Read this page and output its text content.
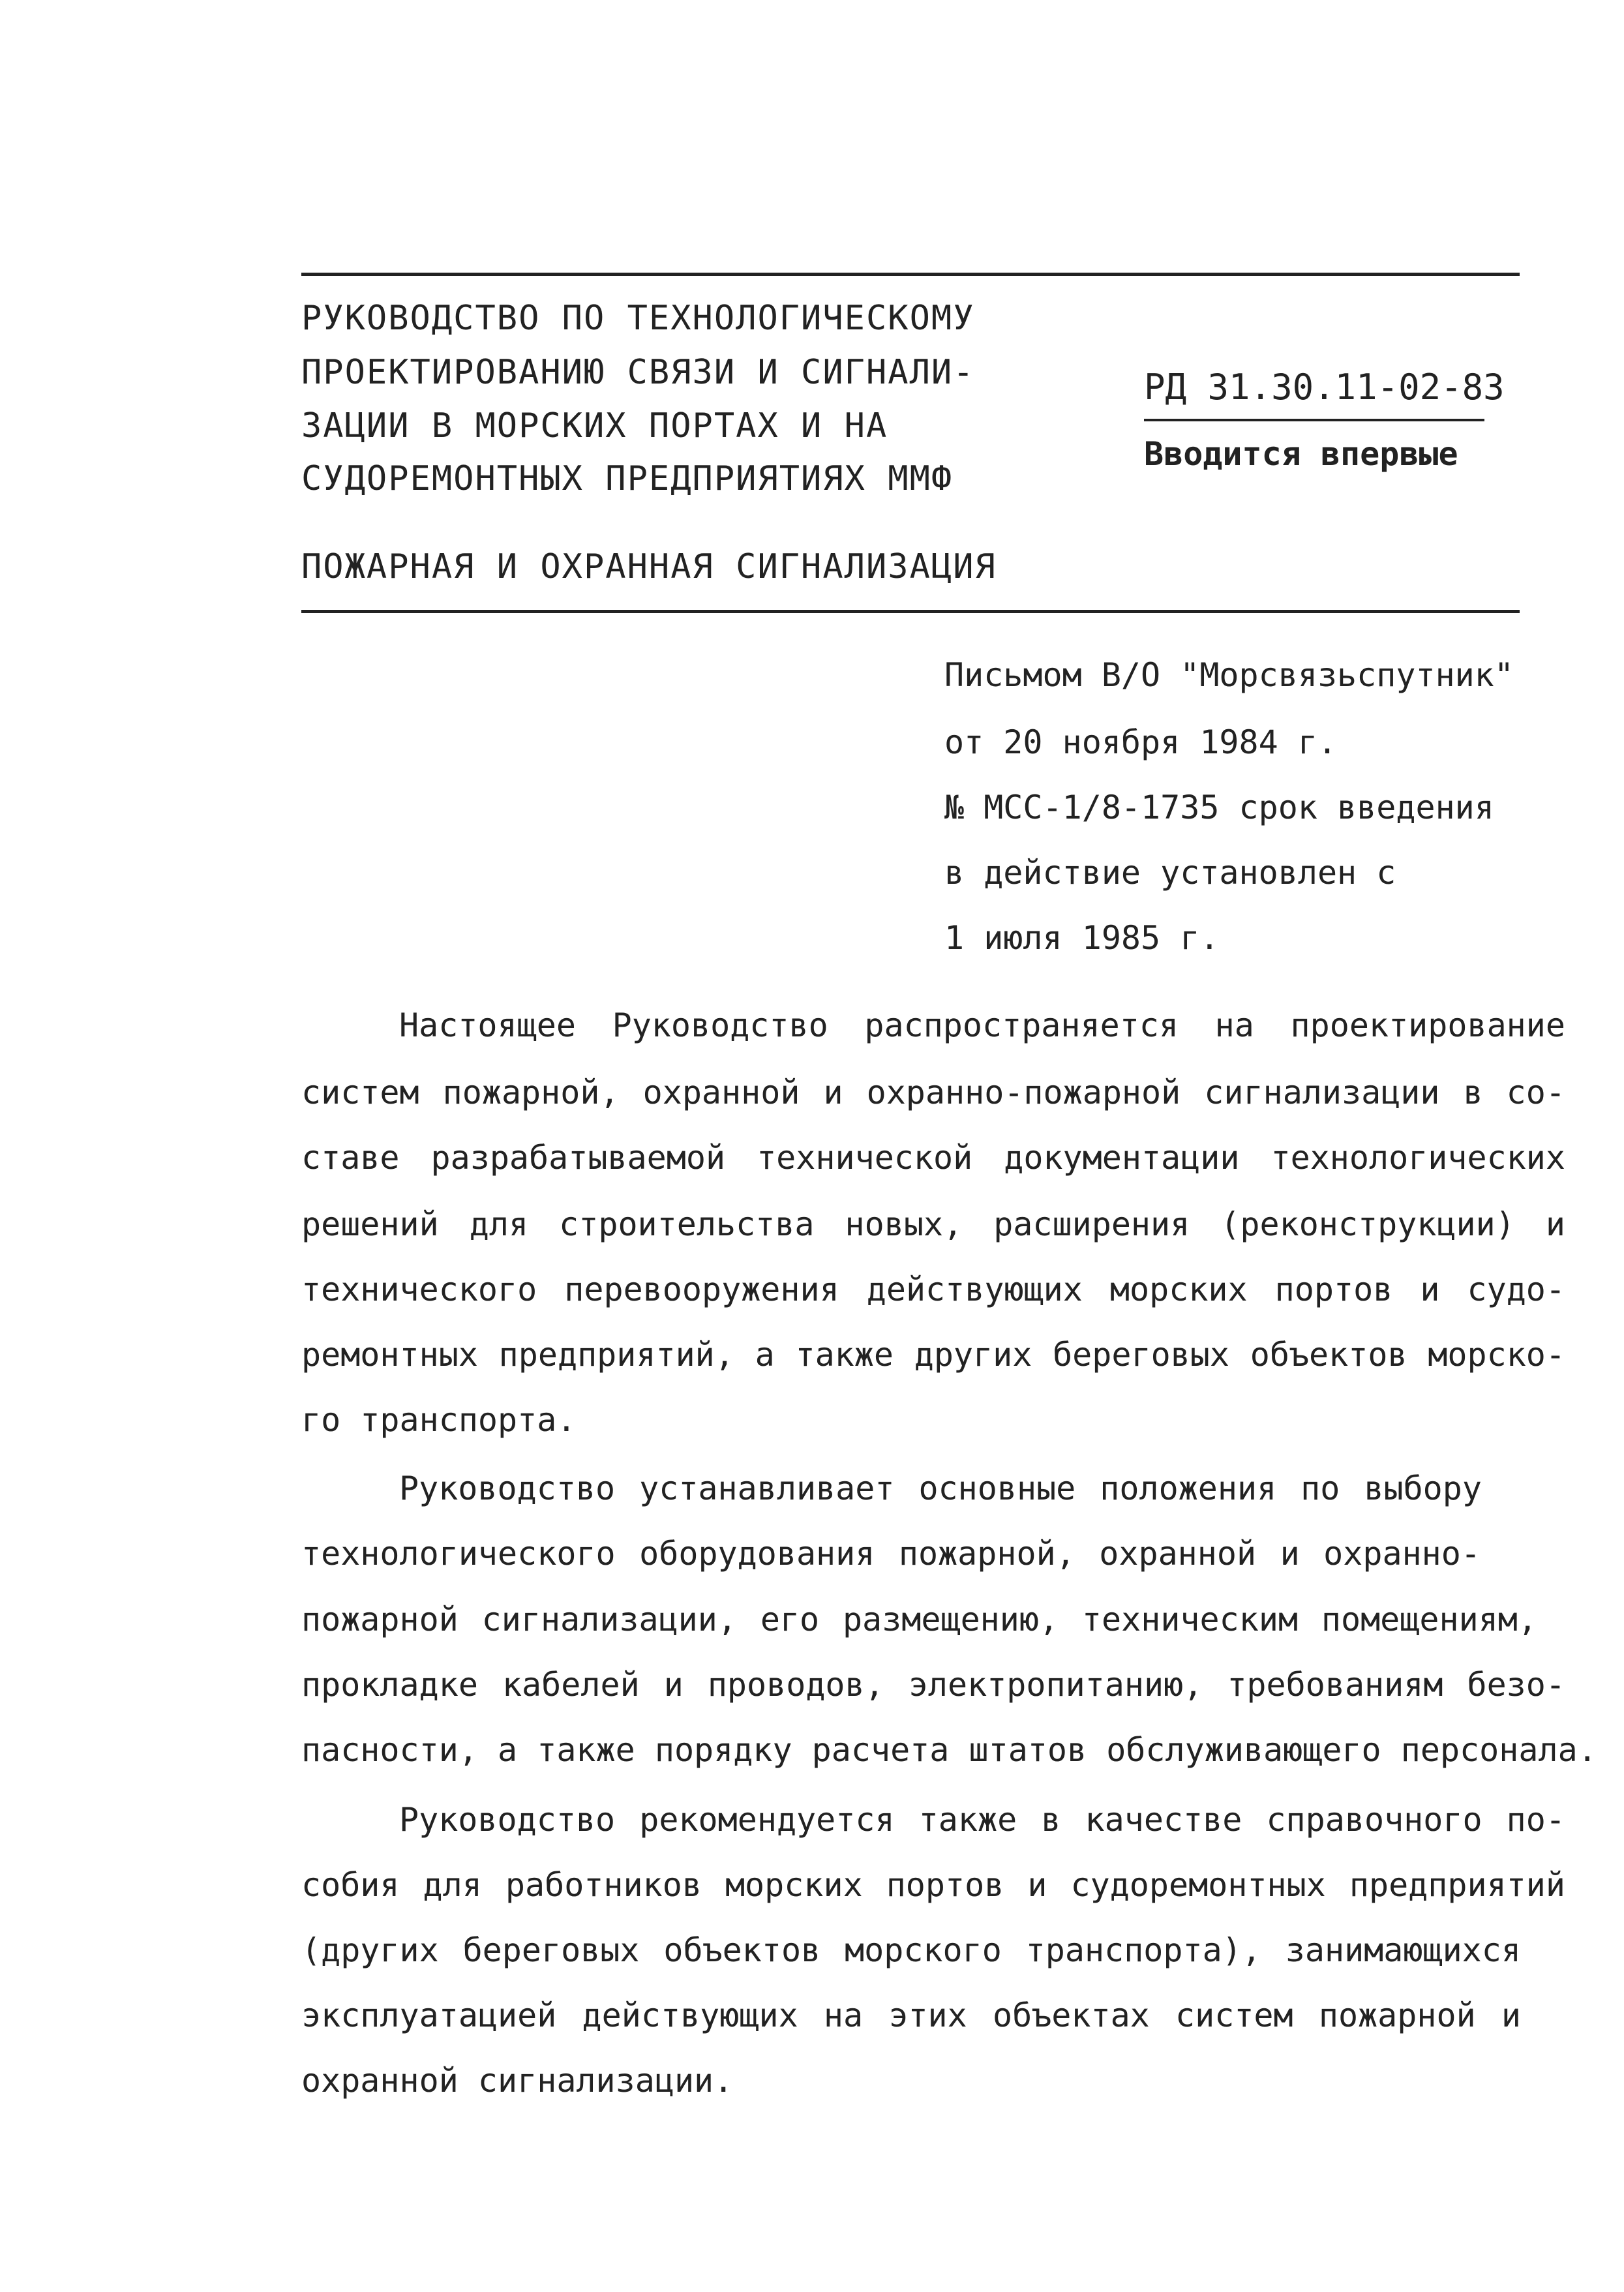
РУКОВОДСТВО ПО ТЕХНОЛОГИЧЕСКОМУ
ПРОЕКТИРОВАНИЮ СВЯЗИ И СИГНАЛИ-
ЗАЦИИ В МОРСКИХ ПОРТАХ И НА
СУДОРЕМОНТНЫХ ПРЕДПРИЯТИЯХ ММФ
РД 31.30.11-02-83
Вводится впервые
ПОЖАРНАЯ И ОХРАННАЯ СИГНАЛИЗАЦИЯ
Письмом В/О "Морсвязьспутник"
от 20 ноября 1984 г.
№ МСС-1/8-1735 срок введения
в действие установлен с
1 июля 1985 г.
Настоящее Руководство распространяется на проектирование
систем пожарной, охранной и охранно-пожарной сигнализации в со-
ставе разрабатываемой технической документации технологических
решений для строительства новых, расширения (реконструкции) и
технического перевооружения действующих морских портов и судо-
ремонтных предприятий, а также других береговых объектов морско-
го транспорта.
Руководство устанавливает основные положения по выбору
технологического оборудования пожарной, охранной и охранно-
пожарной сигнализации, его размещению, техническим помещениям,
прокладке кабелей и проводов, электропитанию, требованиям безо-
пасности, а также порядку расчета штатов обслуживающего персонала.
Руководство рекомендуется также в качестве справочного по-
собия для работников морских портов и судоремонтных предприятий
(других береговых объектов морского транспорта), занимающихся
эксплуатацией действующих на этих объектах систем пожарной и
охранной сигнализации.
